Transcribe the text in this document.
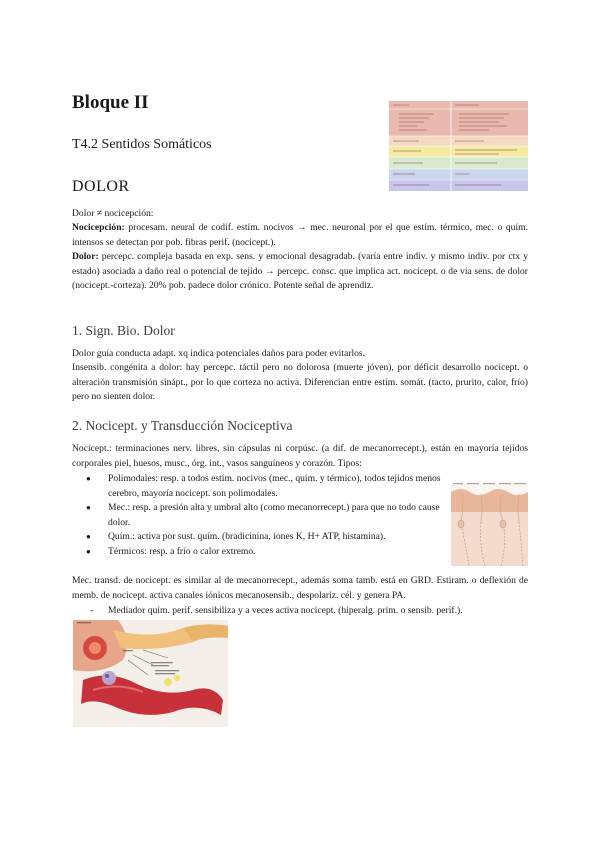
Bloque II
T4.2 Sentidos Somáticos
DOLOR

Dolor ≠ nocicepción:

Nocicepción: procesam. neural de codif. estím. nocivos → mec. neuronal por el que estím. térmico, mec. o quím. intensos se detectan por pob. fibras perif. (nocicept.).

Dolor: percepc. compleja basada en exp. sens. y emocional desagradab. (varía entre indiv. y mismo indiv. por ctx y estado) asociada a daño real o potencial de tejido → percepc. consc. que implica act. nocicept. o de vía sens. de dolor (nocicept.-corteza). 20% pob. padece dolor crónico. Potente señal de aprendiz.

1. Sign. Bio. Dolor

Dolor guía conducta adapt. xq indica potenciales daños para poder evitarlos.

Insensib. congénita a dolor: hay percepc. táctil pero no dolorosa (muerte jóven), por déficit desarrollo nocicept. o alteración transmisión sinápt., por lo que corteza no activa. Diferencian entre estím. somát. (tacto, prurito, calor, frío) pero no sienten dolor.

2. Nocicept. y Transducción Nociceptiva

Nocicept.: terminaciones nerv. libres, sin cápsulas ni corpúsc. (a dif. de mecanorrecept.), están en mayoría tejidos corporales piel, huesos, musc., órg. int., vasos sanguíneos y corazón. Tipos:

● Polimodales: resp. a todos estím. nocivos (mec., quím. y térmico), todos tejidos menos cerebro, mayoría nocicept. son polimodales.
● Mec.: resp. a presión alta y umbral alto (como mecanorrecept.) para que no todo cause dolor.
● Quím.: activa por sust. quím. (bradicinina, iones K, H+ ATP, histamina).
● Térmicos: resp. a frío o calor extremo.

Mec. transd. de nocicept. es similar al de mecanorrecept., además soma tamb. está en GRD. Estiram. o deflexión de memb. de nocicept. activa canales iónicos mecanosensib., despolariz. cél. y genera PA.

- Mediador quím. perif. sensibiliza y a veces activa nocicept. (hiperalg. prim. o sensib. perif.).
